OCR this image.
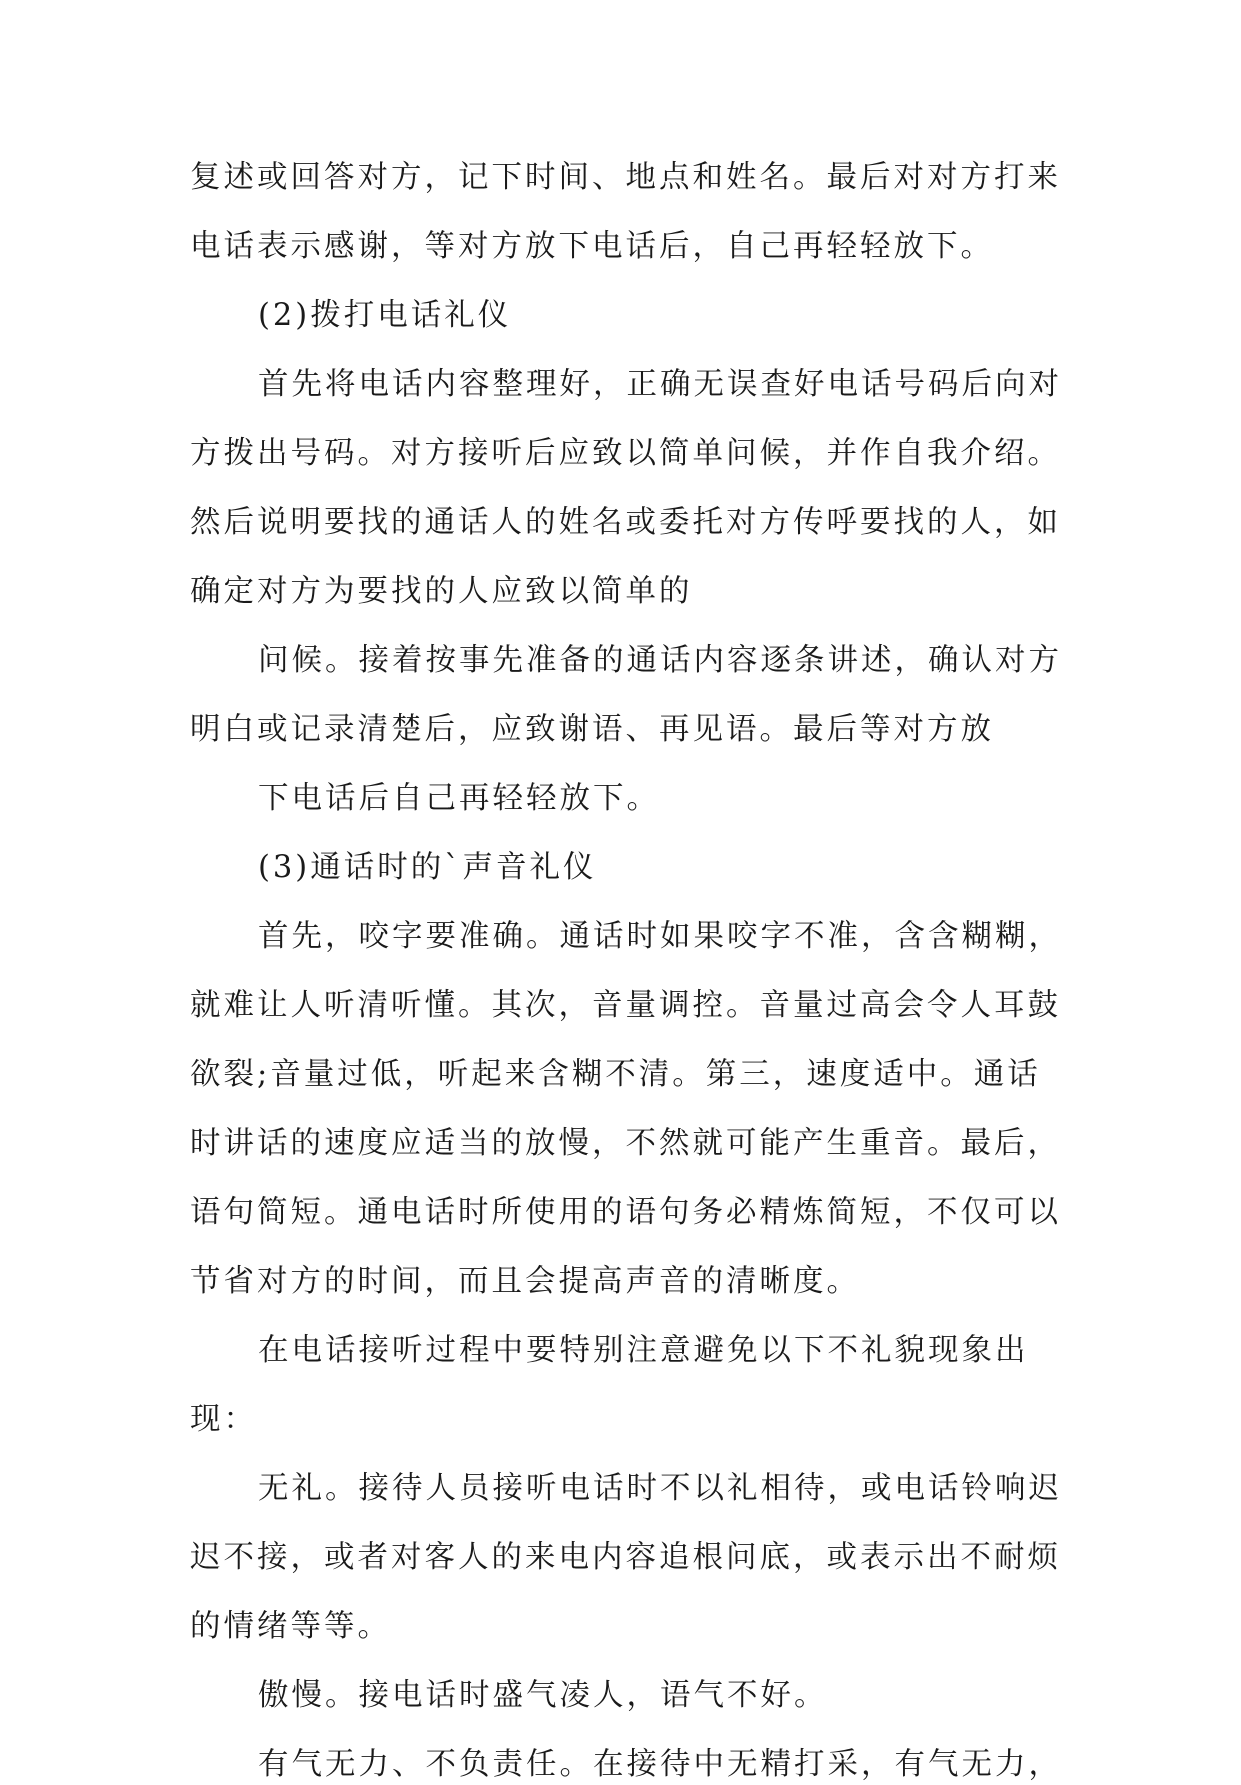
复述或回答对方，记下时间、地点和姓名。最后对对方打来
电话表示感谢，等对方放下电话后，自己再轻轻放下。
(2)拨打电话礼仪
首先将电话内容整理好，正确无误查好电话号码后向对
方拨出号码。对方接听后应致以简单问候，并作自我介绍。
然后说明要找的通话人的姓名或委托对方传呼要找的人，如
确定对方为要找的人应致以简单的
问候。接着按事先准备的通话内容逐条讲述，确认对方
明白或记录清楚后，应致谢语、再见语。最后等对方放
下电话后自己再轻轻放下。
(3)通话时的`声音礼仪
首先，咬字要准确。通话时如果咬字不准，含含糊糊，
就难让人听清听懂。其次，音量调控。音量过高会令人耳鼓
欲裂;音量过低，听起来含糊不清。第三，速度适中。通话
时讲话的速度应适当的放慢，不然就可能产生重音。最后，
语句简短。通电话时所使用的语句务必精炼简短，不仅可以
节省对方的时间，而且会提高声音的清晰度。
在电话接听过程中要特别注意避免以下不礼貌现象出
现：
无礼。接待人员接听电话时不以礼相待，或电话铃响迟
迟不接，或者对客人的来电内容追根问底，或表示出不耐烦
的情绪等等。
傲慢。接电话时盛气凌人，语气不好。
有气无力、不负责任。在接待中无精打采，有气无力，
